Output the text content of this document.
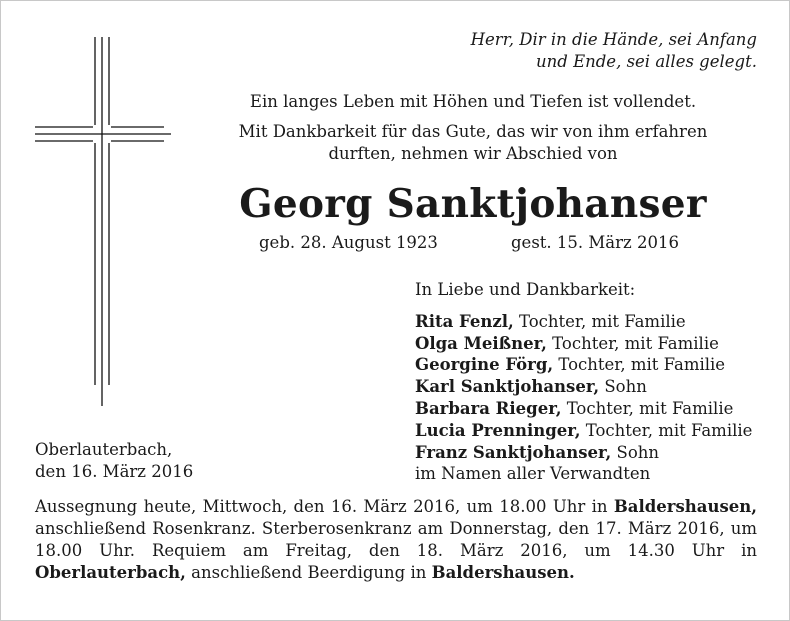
Herr, Dir in die Hände, sei Anfang
und Ende, sei alles gelegt.

Ein langes Leben mit Höhen und Tiefen ist vollendet.

Mit Dankbarkeit für das Gute, das wir von ihm erfahren

durften, nehmen wir Abschied von

Georg Sanktjohanser
geb. 28. August 1923	gest. 15. März 2016
In Liebe und Dankbarkeit:
Rita Fenzl, Tochter, mit Familie
Olga Meißner, Tochter, mit Familie
Georgine Förg, Tochter, mit Familie
Karl Sanktjohanser, Sohn
Barbara Rieger, Tochter, mit Familie
Lucia Prenninger, Tochter, mit Familie
Franz Sanktjohanser, Sohn
im Namen aller Verwandten
Oberlauterbach,
den 16. März 2016
Aussegnung heute, Mittwoch, den 16. März 2016, um 18.00 Uhr in Baldershausen, anschließend Rosenkranz. Sterberosenkranz am Donnerstag, den 17. März 2016, um 18.00 Uhr. Requiem am Freitag, den 18. März 2016, um 14.30 Uhr in Oberlauterbach, anschließend Beerdigung in Baldershausen.
